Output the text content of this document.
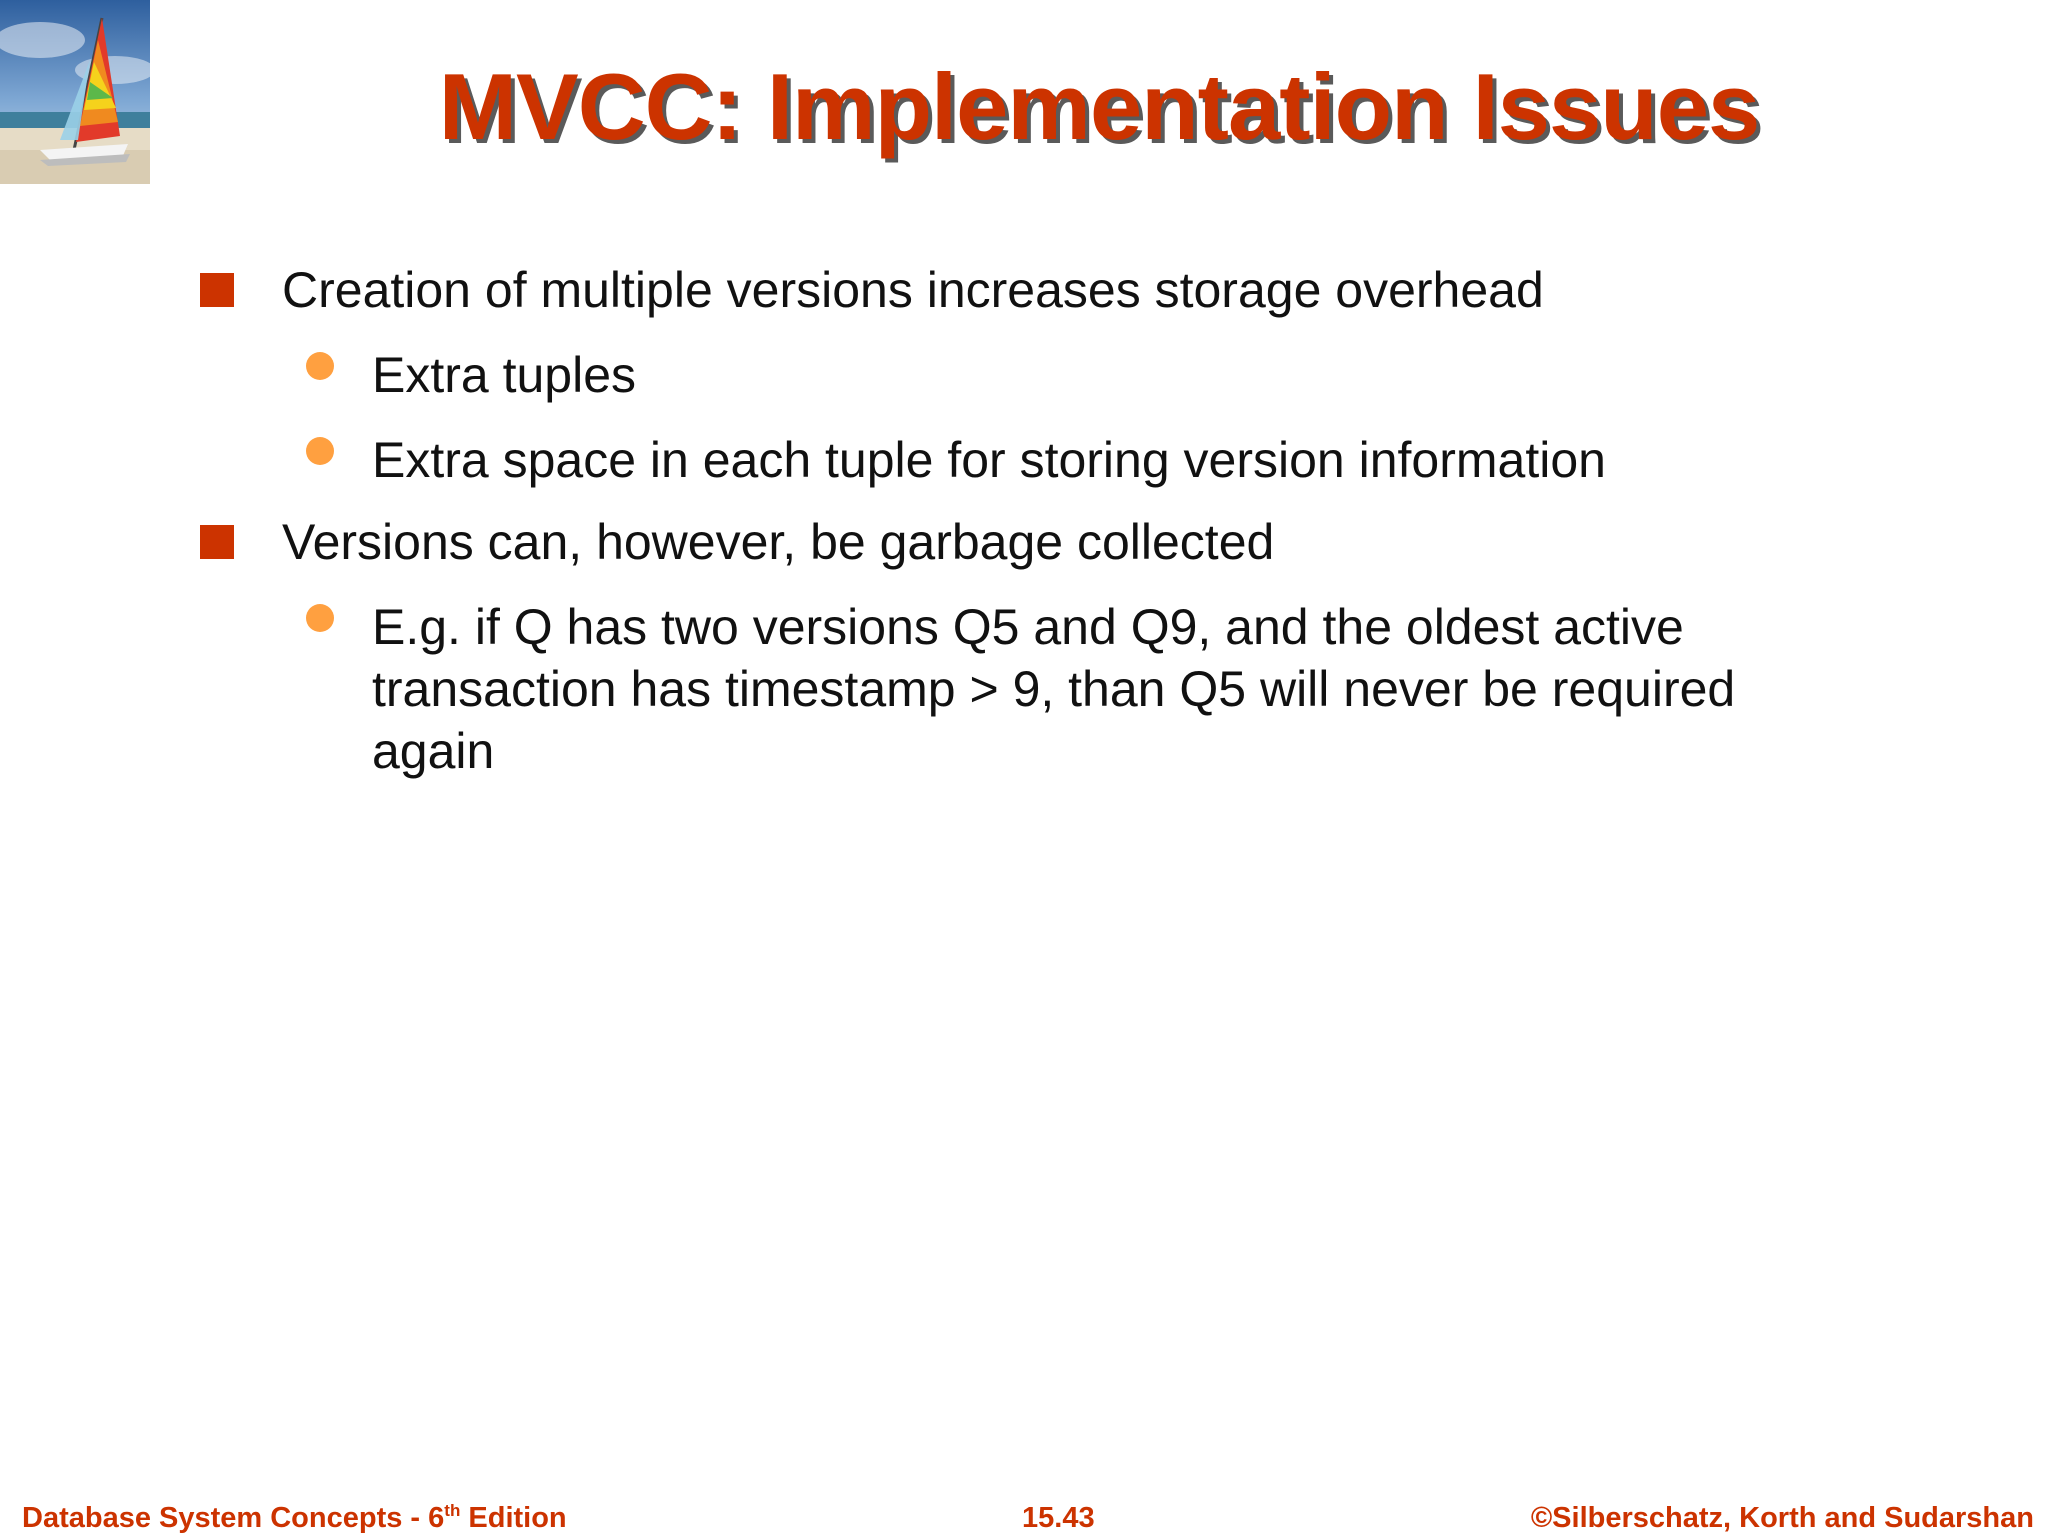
MVCC: Implementation Issues
Creation of multiple versions increases storage overhead
Extra tuples
Extra space in each tuple for storing version information
Versions can, however, be garbage collected
E.g. if Q has two versions Q5 and Q9, and the oldest active transaction has timestamp > 9, than Q5 will never be required again
Database System Concepts - 6th Edition	15.43	©Silberschatz, Korth and Sudarshan
